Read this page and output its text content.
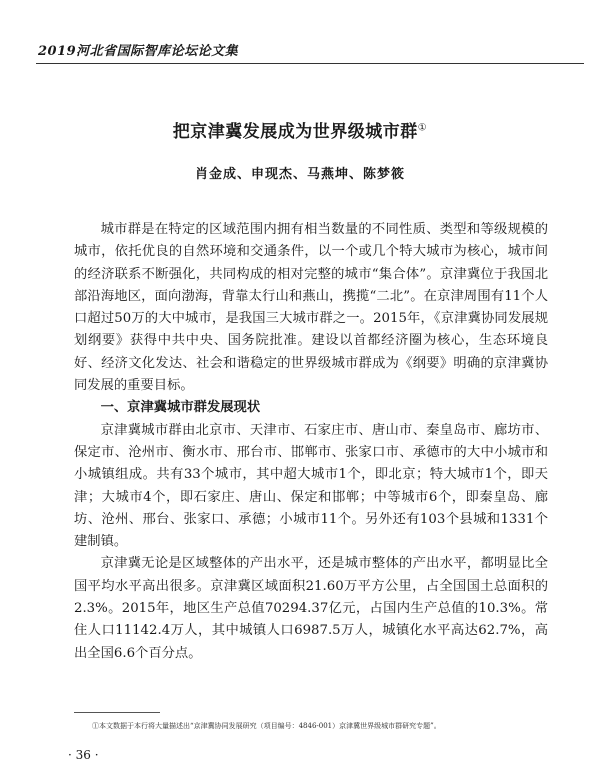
2019河北省国际智库论坛论文集
把京津冀发展成为世界级城市群①
肖金成、申现杰、马燕坤、陈梦筱

城市群是在特定的区域范围内拥有相当数量的不同性质、类型和等级规模的城市，依托优良的自然环境和交通条件，以一个或几个特大城市为核心，城市间的经济联系不断强化，共同构成的相对完整的城市“集合体”。京津冀位于我国北部沿海地区，面向渤海，背靠太行山和燕山，携揽“二北”。在京津周围有11个人口超过50万的大中城市，是我国三大城市群之一。2015年，《京津冀协同发展规划纲要》获得中共中央、国务院批准。建设以首都经济圈为核心，生态环境良好、经济文化发达、社会和谐稳定的世界级城市群成为《纲要》明确的京津冀协同发展的重要目标。

一、京津冀城市群发展现状

京津冀城市群由北京市、天津市、石家庄市、唐山市、秦皇岛市、廊坊市、保定市、沧州市、衡水市、邢台市、邯郸市、张家口市、承德市的大中小城市和小城镇组成。共有33个城市，其中超大城市1个，即北京；特大城市1个，即天津；大城市4个，即石家庄、唐山、保定和邯郸；中等城市6个，即秦皇岛、廊坊、沧州、邢台、张家口、承德；小城市11个。另外还有103个县城和1331个建制镇。

京津冀无论是区域整体的产出水平，还是城市整体的产出水平，都明显比全国平均水平高出很多。京津冀区域面积21.60万平方公里，占全国国土总面积的2.3%。2015年，地区生产总值70294.37亿元，占国内生产总值的10.3%。常住人口11142.4万人，其中城镇人口6987.5万人，城镇化水平高达62.7%，高出全国6.6个百分点。

①本文数据于本行将大量描述出“京津冀协同发展研究（项目编号：4846-001）京津冀世界级城市群研究专题”。
· 36 ·
